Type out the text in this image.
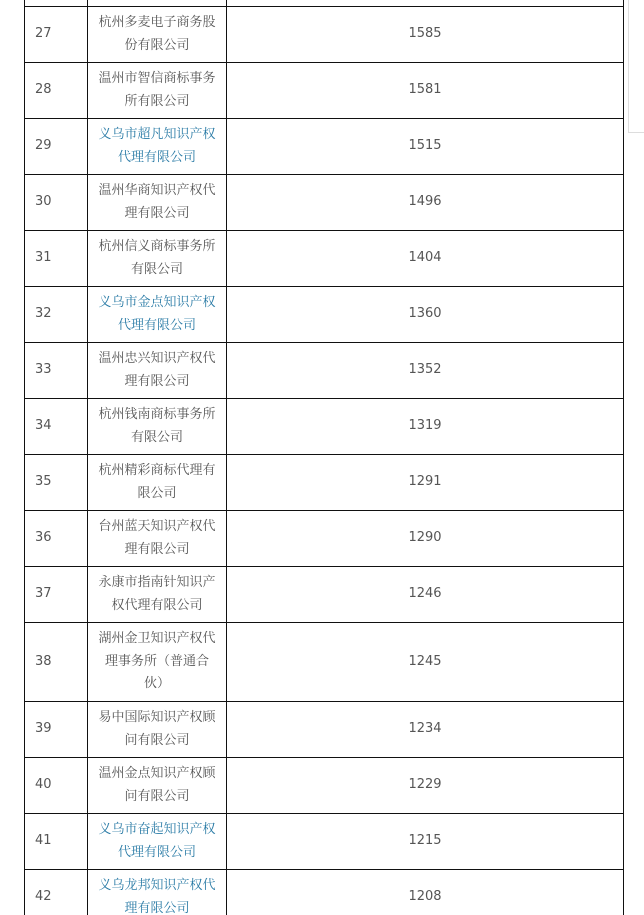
27	杭州多麦电子商务股份有限公司	1585
28	温州市智信商标事务所有限公司	1581
29	义乌市超凡知识产权代理有限公司	1515
30	温州华商知识产权代理有限公司	1496
31	杭州信义商标事务所有限公司	1404
32	义乌市金点知识产权代理有限公司	1360
33	温州忠兴知识产权代理有限公司	1352
34	杭州钱南商标事务所有限公司	1319
35	杭州精彩商标代理有限公司	1291
36	台州蓝天知识产权代理有限公司	1290
37	永康市指南针知识产权代理有限公司	1246
38	湖州金卫知识产权代理事务所（普通合伙）	1245
39	易中国际知识产权顾问有限公司	1234
40	温州金点知识产权顾问有限公司	1229
41	义乌市奋起知识产权代理有限公司	1215
42	义乌龙邦知识产权代理有限公司	1208
